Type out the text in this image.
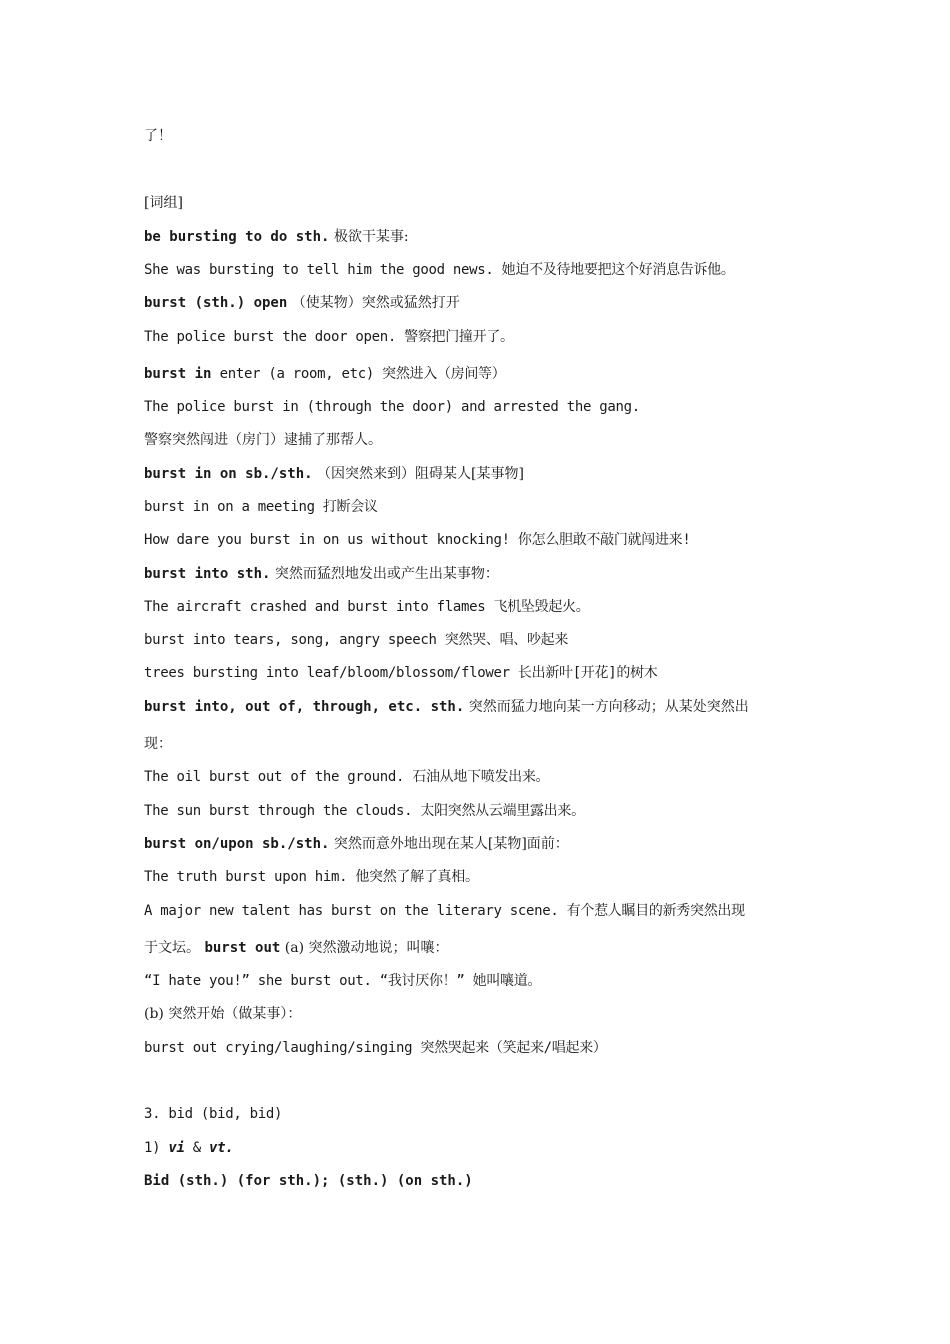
了！
[词组]
be bursting to do sth. 极欲干某事:
She was bursting to tell him the good news. 她迫不及待地要把这个好消息告诉他。
burst (sth.) open （使某物）突然或猛然打开
The police burst the door open. 警察把门撞开了。
burst in enter (a room, etc) 突然进入（房间等）
The police burst in (through the door) and arrested the gang.
警察突然闯进（房门）逮捕了那帮人。
burst in on sb./sth. （因突然来到）阻碍某人[某事物]
burst in on a meeting 打断会议
How dare you burst in on us without knocking! 你怎么胆敢不敲门就闯进来!
burst into sth. 突然而猛烈地发出或产生出某事物：
The aircraft crashed and burst into flames 飞机坠毁起火。
burst into tears, song, angry speech 突然哭、唱、吵起来
trees bursting into leaf/bloom/blossom/flower 长出新叶[开花]的树木
burst into, out of, through, etc. sth. 突然而猛力地向某一方向移动；从某处突然出
现：
The oil burst out of the ground. 石油从地下喷发出来。
The sun burst through the clouds. 太阳突然从云端里露出来。
burst on/upon sb./sth. 突然而意外地出现在某人[某物]面前：
The truth burst upon him. 他突然了解了真相。
A major new talent has burst on the literary scene. 有个惹人瞩目的新秀突然出现
于文坛。 burst out (a) 突然激动地说；叫嚷：
“I hate you!” she burst out. “我讨厌你！” 她叫嚷道。
(b) 突然开始（做某事）：
burst out crying/laughing/singing 突然哭起来（笑起来/唱起来）
3. bid (bid, bid)
1) vi & vt.
Bid (sth.) (for sth.); (sth.) (on sth.)
